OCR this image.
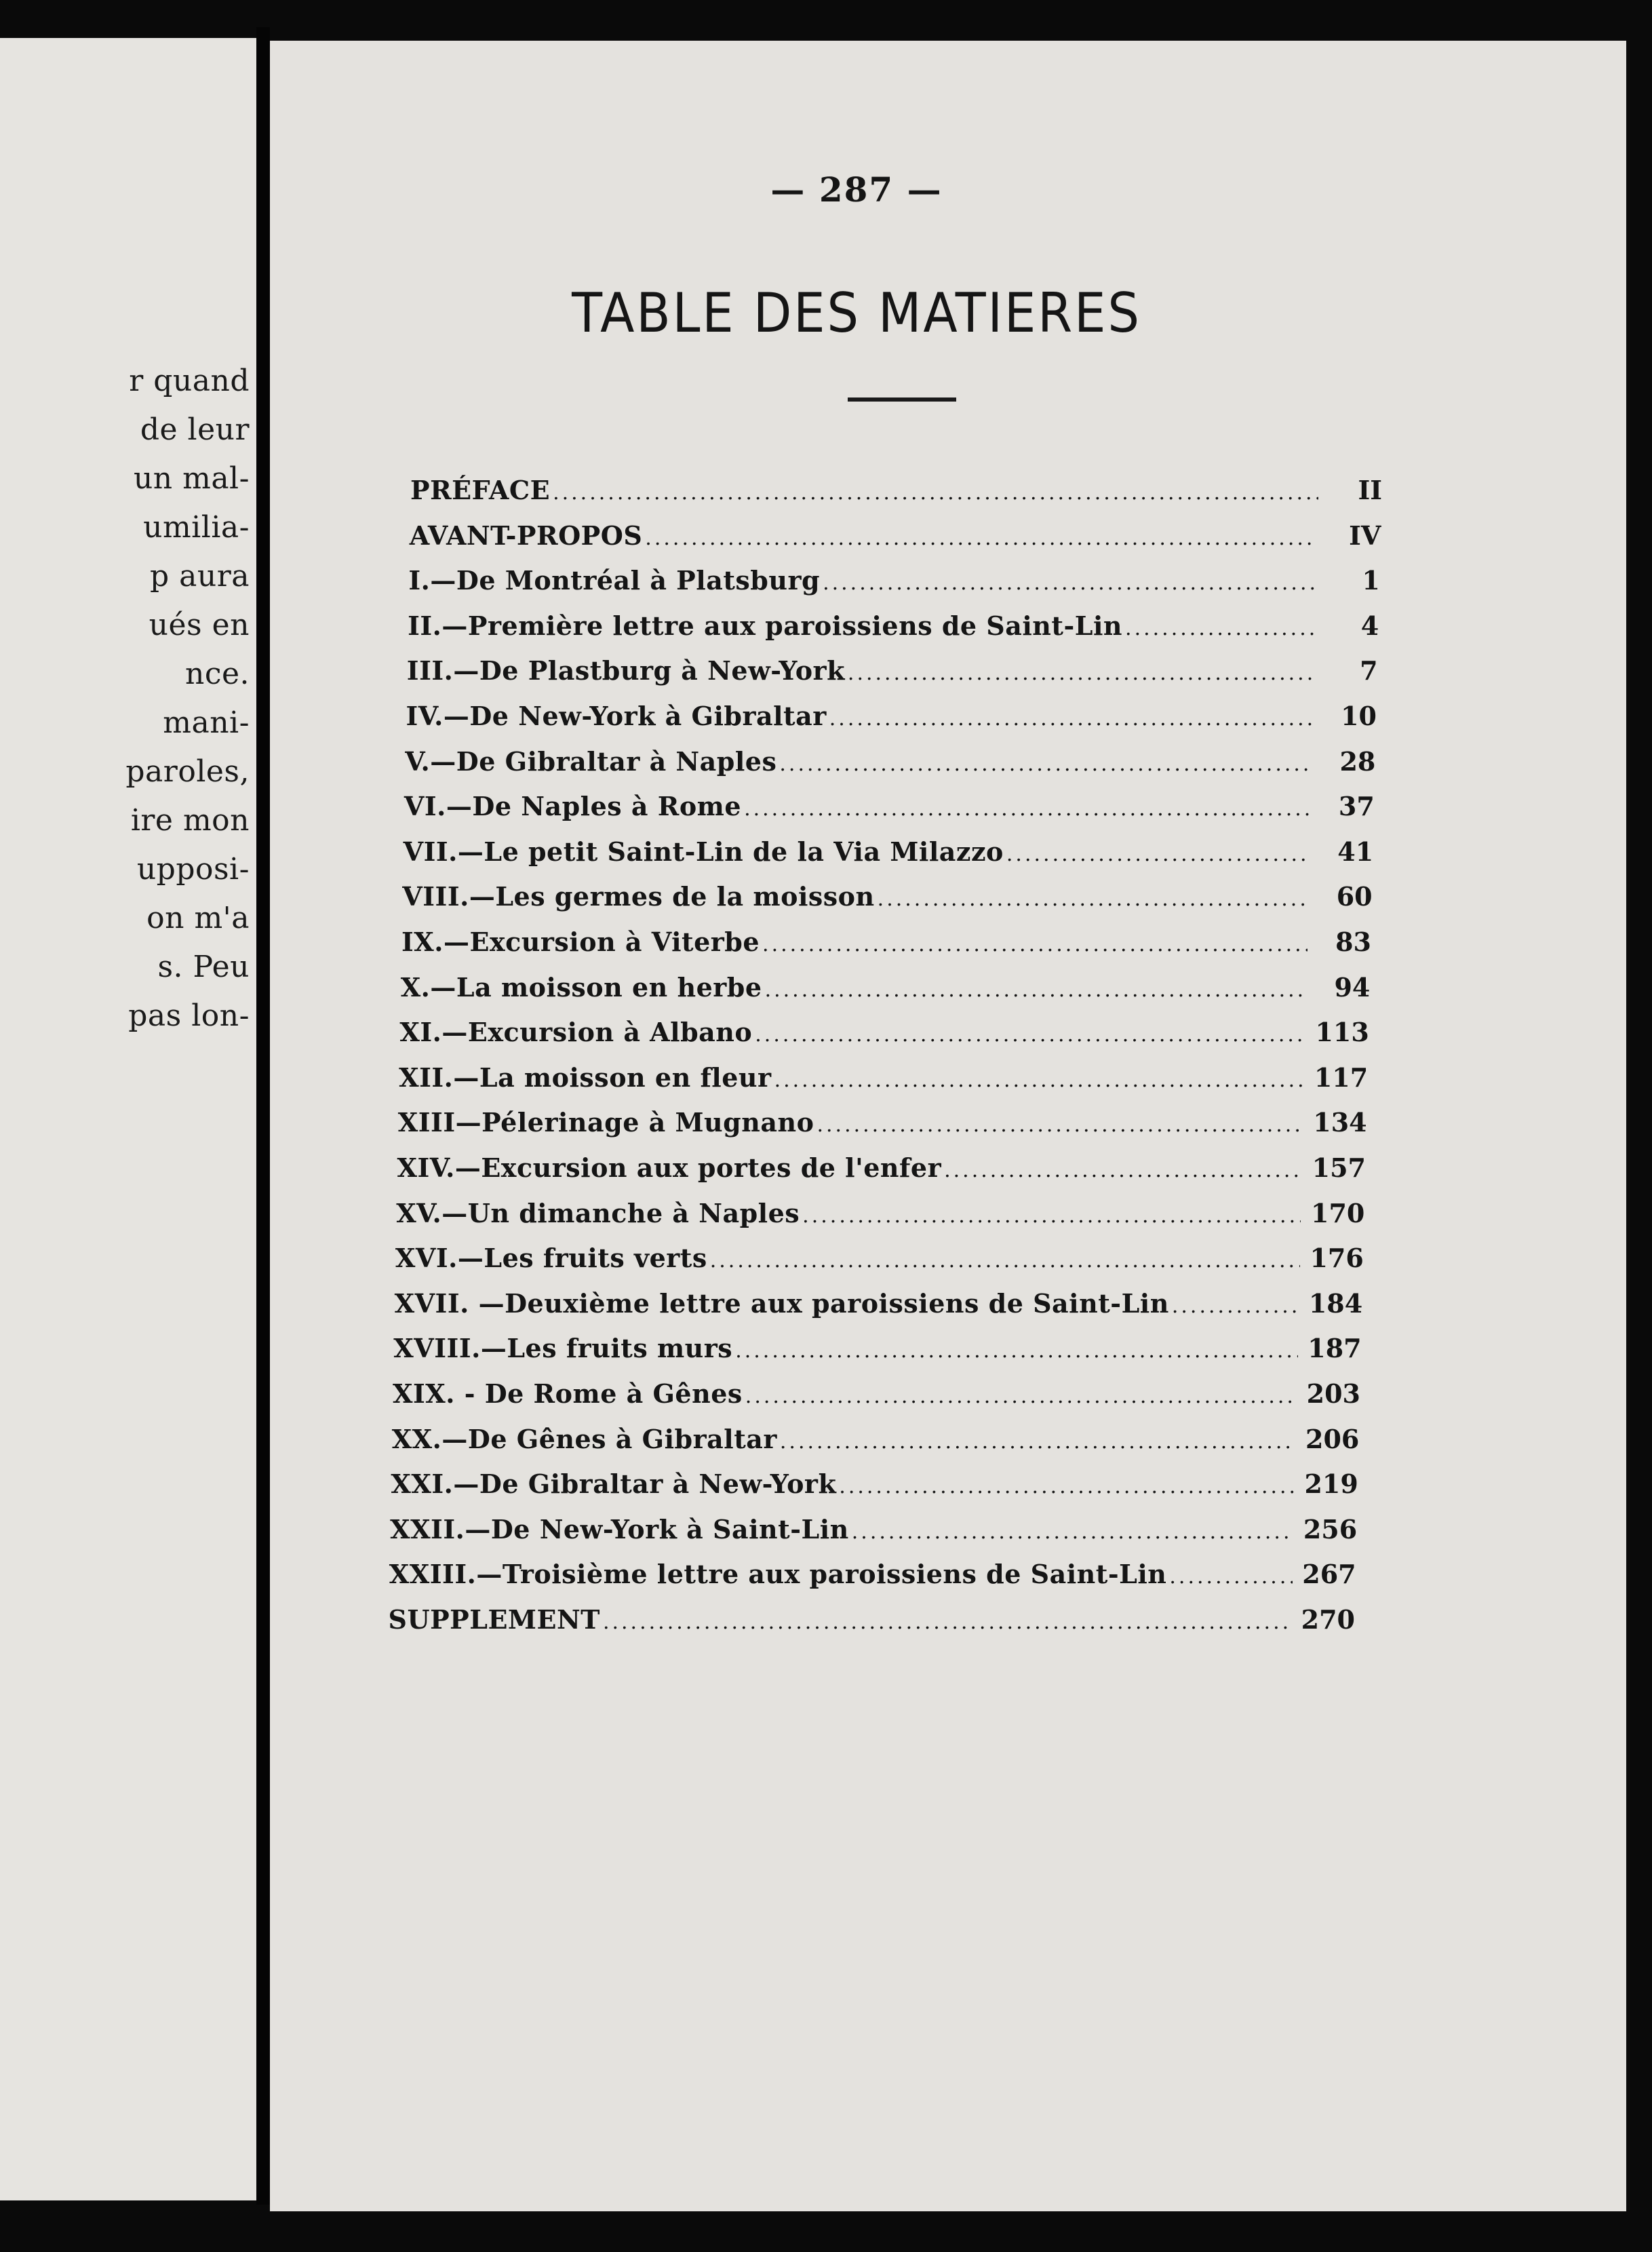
r quand
de leur
un mal-
umilia-
p aura
ués en
nce.
mani-
paroles,
ire mon
upposi-
on m'a
s. Peu
pas lon-
— 287 —
TABLE DES MATIERES
PRÉFACE .....	II
AVANT-PROPOS .....	IV
I.—De Montréal à Platsburg .....	1
II.—Première lettre aux paroissiens de Saint-Lin .....	4
III.—De Plastburg à New-York .....	7
IV.—De New-York à Gibraltar .....	10
V.—De Gibraltar à Naples .....	28
VI.—De Naples à Rome .....	37
VII.—Le petit Saint-Lin de la Via Milazzo .....	41
VIII.—Les germes de la moisson .....	60
IX.—Excursion à Viterbe .....	83
X.—La moisson en herbe .....	94
XI.—Excursion à Albano .....	113
XII.—La moisson en fleur .....	117
XIII—Pélerinage à Mugnano .....	134
XIV.—Excursion aux portes de l'enfer .....	157
XV.—Un dimanche à Naples .....	170
XVI.—Les fruits verts .....	176
XVII. —Deuxième lettre aux paroissiens de Saint-Lin .....	184
XVIII.—Les fruits murs .....	187
XIX. - De Rome à Gênes .....	203
XX.—De Gênes à Gibraltar .....	206
XXI.—De Gibraltar à New-York .....	219
XXII.—De New-York à Saint-Lin .....	256
XXIII.—Troisième lettre aux paroissiens de Saint-Lin .....	267
SUPPLEMENT .....	270
